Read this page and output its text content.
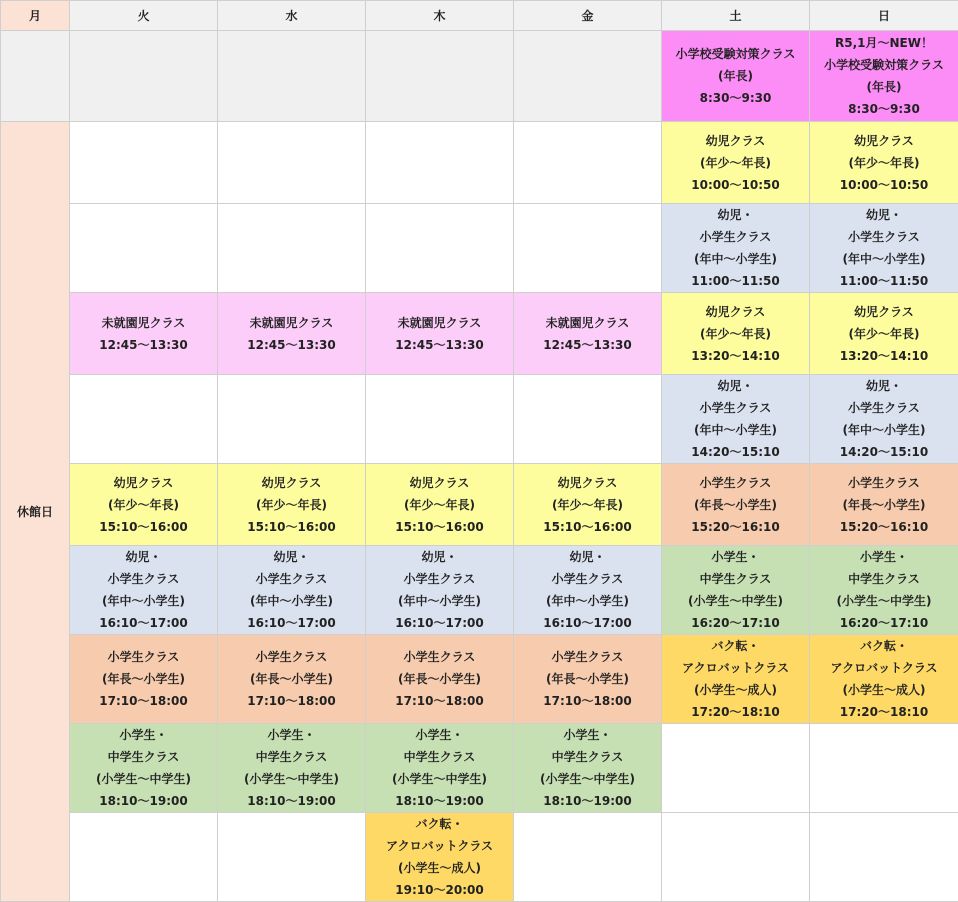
月	火	水	木	金	土	日

					小学校受験対策クラス
(年長)
8:30〜9:30	R5,1月〜NEW！
小学校受験対策クラス
(年長)
8:30〜9:30

休館日					幼児クラス
(年少〜年長)
10:00〜10:50	幼児クラス
(年少〜年長)
10:00〜10:50

					幼児・
小学生クラス
(年中〜小学生)
11:00〜11:50	幼児・
小学生クラス
(年中〜小学生)
11:00〜11:50

	未就園児クラス
12:45〜13:30	未就園児クラス
12:45〜13:30	未就園児クラス
12:45〜13:30	未就園児クラス
12:45〜13:30	幼児クラス
(年少〜年長)
13:20〜14:10	幼児クラス
(年少〜年長)
13:20〜14:10

					幼児・
小学生クラス
(年中〜小学生)
14:20〜15:10	幼児・
小学生クラス
(年中〜小学生)
14:20〜15:10

	幼児クラス
(年少〜年長)
15:10〜16:00	幼児クラス
(年少〜年長)
15:10〜16:00	幼児クラス
(年少〜年長)
15:10〜16:00	幼児クラス
(年少〜年長)
15:10〜16:00	小学生クラス
(年長〜小学生)
15:20〜16:10	小学生クラス
(年長〜小学生)
15:20〜16:10

	幼児・
小学生クラス
(年中〜小学生)
16:10〜17:00	幼児・
小学生クラス
(年中〜小学生)
16:10〜17:00	幼児・
小学生クラス
(年中〜小学生)
16:10〜17:00	幼児・
小学生クラス
(年中〜小学生)
16:10〜17:00	小学生・
中学生クラス
(小学生〜中学生)
16:20〜17:10	小学生・
中学生クラス
(小学生〜中学生)
16:20〜17:10

	小学生クラス
(年長〜小学生)
17:10〜18:00	小学生クラス
(年長〜小学生)
17:10〜18:00	小学生クラス
(年長〜小学生)
17:10〜18:00	小学生クラス
(年長〜小学生)
17:10〜18:00	バク転・
アクロバットクラス
(小学生〜成人)
17:20〜18:10	バク転・
アクロバットクラス
(小学生〜成人)
17:20〜18:10

	小学生・
中学生クラス
(小学生〜中学生)
18:10〜19:00	小学生・
中学生クラス
(小学生〜中学生)
18:10〜19:00	小学生・
中学生クラス
(小学生〜中学生)
18:10〜19:00	小学生・
中学生クラス
(小学生〜中学生)
18:10〜19:00		

			バク転・
アクロバットクラス
(小学生〜成人)
19:10〜20:00			
